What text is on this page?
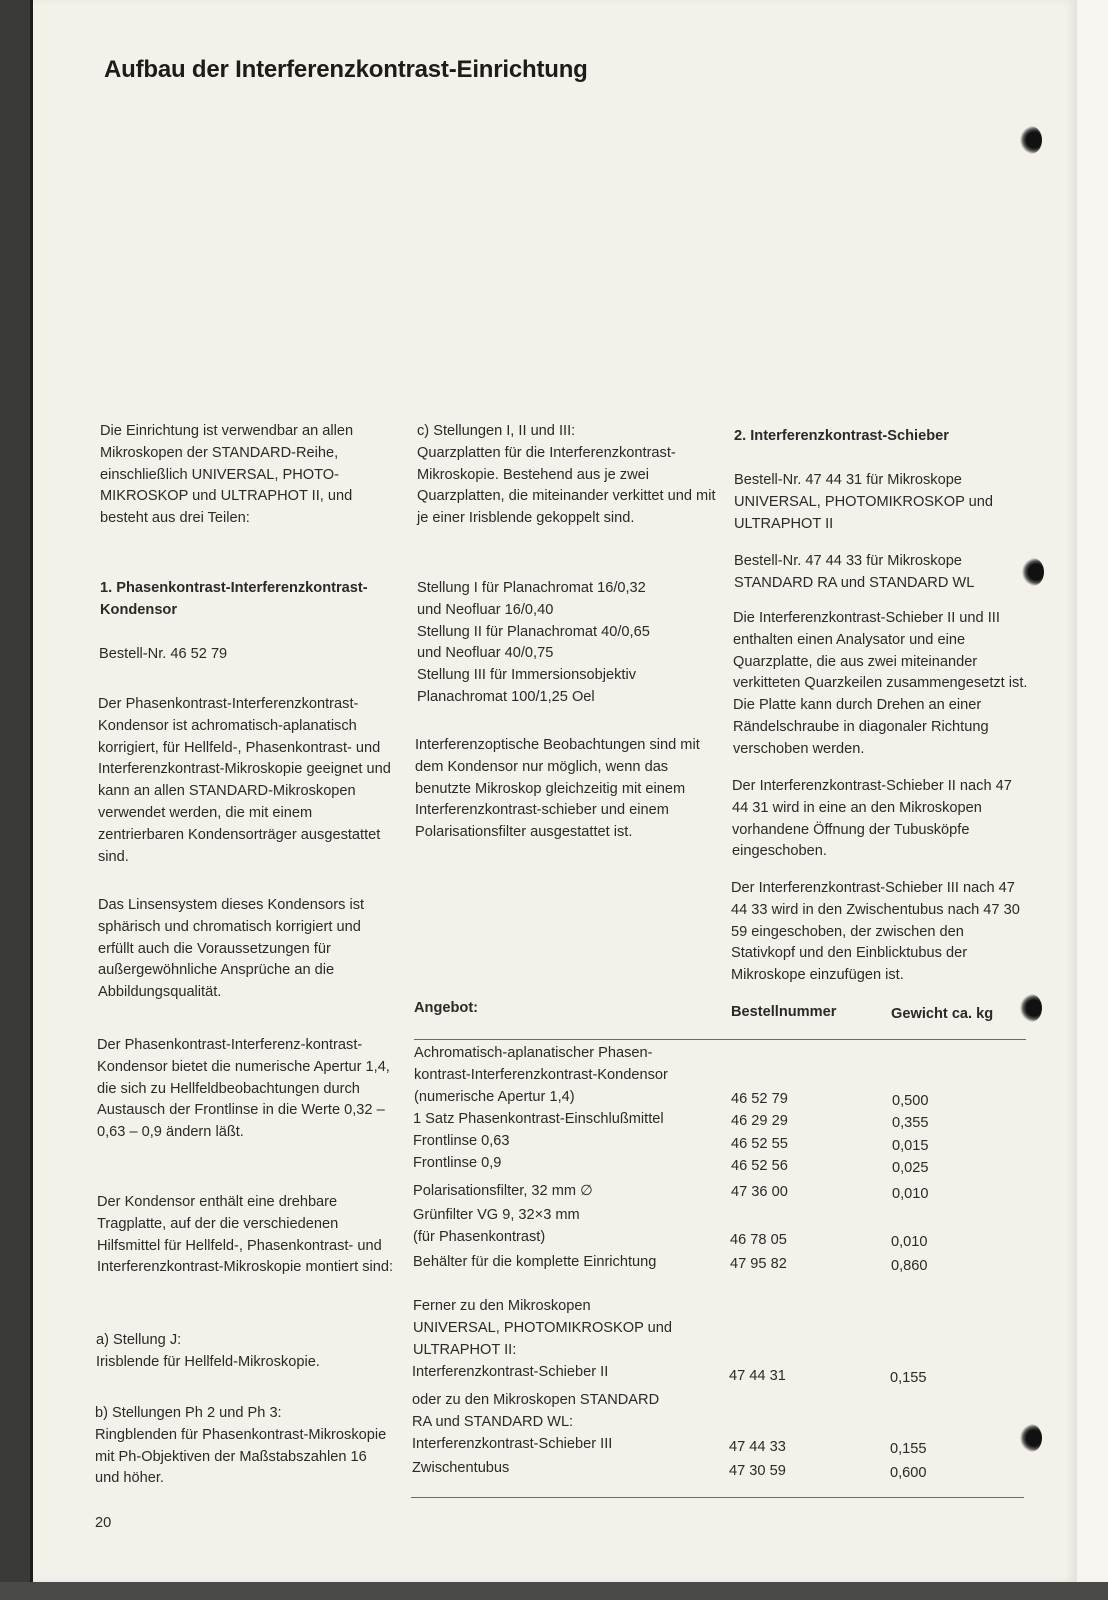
Aufbau der Interferenzkontrast-Einrichtung

Die Einrichtung ist verwendbar an allen Mikroskopen der STANDARD-Reihe, einschließlich UNIVERSAL, PHOTO-MIKROSKOP und ULTRAPHOT II, und besteht aus drei Teilen:

1. Phasenkontrast-Interferenzkontrast-Kondensor
Bestell-Nr. 46 52 79
Der Phasenkontrast-Interferenzkontrast-Kondensor ist achromatisch-aplanatisch korrigiert, für Hellfeld-, Phasenkontrast- und Interferenzkontrast-Mikroskopie geeignet und kann an allen STANDARD-Mikroskopen verwendet werden, die mit einem zentrierbaren Kondensorträger ausgestattet sind.
Das Linsensystem dieses Kondensors ist sphärisch und chromatisch korrigiert und erfüllt auch die Voraussetzungen für außergewöhnliche Ansprüche an die Abbildungsqualität.
Der Phasenkontrast-Interferenz-kontrast-Kondensor bietet die numerische Apertur 1,4, die sich zu Hellfeldbeobachtungen durch Austausch der Frontlinse in die Werte 0,32 – 0,63 – 0,9 ändern läßt.
Der Kondensor enthält eine drehbare Tragplatte, auf der die verschiedenen Hilfsmittel für Hellfeld-, Phasenkontrast- und Interferenzkontrast-Mikroskopie montiert sind:

a) Stellung J:

Irisblende für Hellfeld-Mikroskopie.

b) Stellungen Ph 2 und Ph 3:

Ringblenden für Phasenkontrast-Mikroskopie mit Ph-Objektiven der Maßstabszahlen 16 und höher.

c) Stellungen I, II und III:

Quarzplatten für die Interferenzkontrast-Mikroskopie. Bestehend aus je zwei Quarzplatten, die miteinander verkittet und mit je einer Irisblende gekoppelt sind.

Stellung I für Planachromat 16/0,32

und Neofluar 16/0,40

Stellung II für Planachromat 40/0,65

und Neofluar 40/0,75

Stellung III für Immersionsobjektiv

Planachromat 100/1,25 Oel

Interferenzoptische Beobachtungen sind mit dem Kondensor nur möglich, wenn das benutzte Mikroskop gleichzeitig mit einem Interferenzkontrast-schieber und einem Polarisationsfilter ausgestattet ist.
2. Interferenzkontrast-Schieber
Bestell-Nr. 47 44 31 für Mikroskope UNIVERSAL, PHOTOMIKROSKOP und ULTRAPHOT II
Bestell-Nr. 47 44 33 für Mikroskope STANDARD RA und STANDARD WL
Die Interferenzkontrast-Schieber II und III enthalten einen Analysator und eine Quarzplatte, die aus zwei miteinander verkitteten Quarzkeilen zusammengesetzt ist. Die Platte kann durch Drehen an einer Rändelschraube in diagonaler Richtung verschoben werden.
Der Interferenzkontrast-Schieber II nach 47 44 31 wird in eine an den Mikroskopen vorhandene Öffnung der Tubusköpfe eingeschoben.
Der Interferenzkontrast-Schieber III nach 47 44 33 wird in den Zwischentubus nach 47 30 59 eingeschoben, der zwischen den Stativkopf und den Einblicktubus der Mikroskope einzufügen ist.
Angebot:	Bestellnummer	Gewicht ca. kg
Achromatisch-aplanatischer Phasen-
kontrast-Interferenzkontrast-Kondensor
(numerische Apertur 1,4)
1 Satz Phasenkontrast-Einschlußmittel
Frontlinse 0,63
Frontlinse 0,9
Polarisationsfilter, 32 mm ∅
Grünfilter VG 9, 32×3 mm
(für Phasenkontrast)
Behälter für die komplette Einrichtung
Ferner zu den Mikroskopen
UNIVERSAL, PHOTOMIKROSKOP und
ULTRAPHOT II:
Interferenzkontrast-Schieber II
oder zu den Mikroskopen STANDARD
RA und STANDARD WL:
Interferenzkontrast-Schieber III
Zwischentubus
46 52 79
46 29 29
46 52 55
46 52 56
47 36 00
46 78 05
47 95 82
47 44 31
47 44 33
47 30 59
0,500
0,355
0,015
0,025
0,010
0,010
0,860
0,155
0,155
0,600
20
